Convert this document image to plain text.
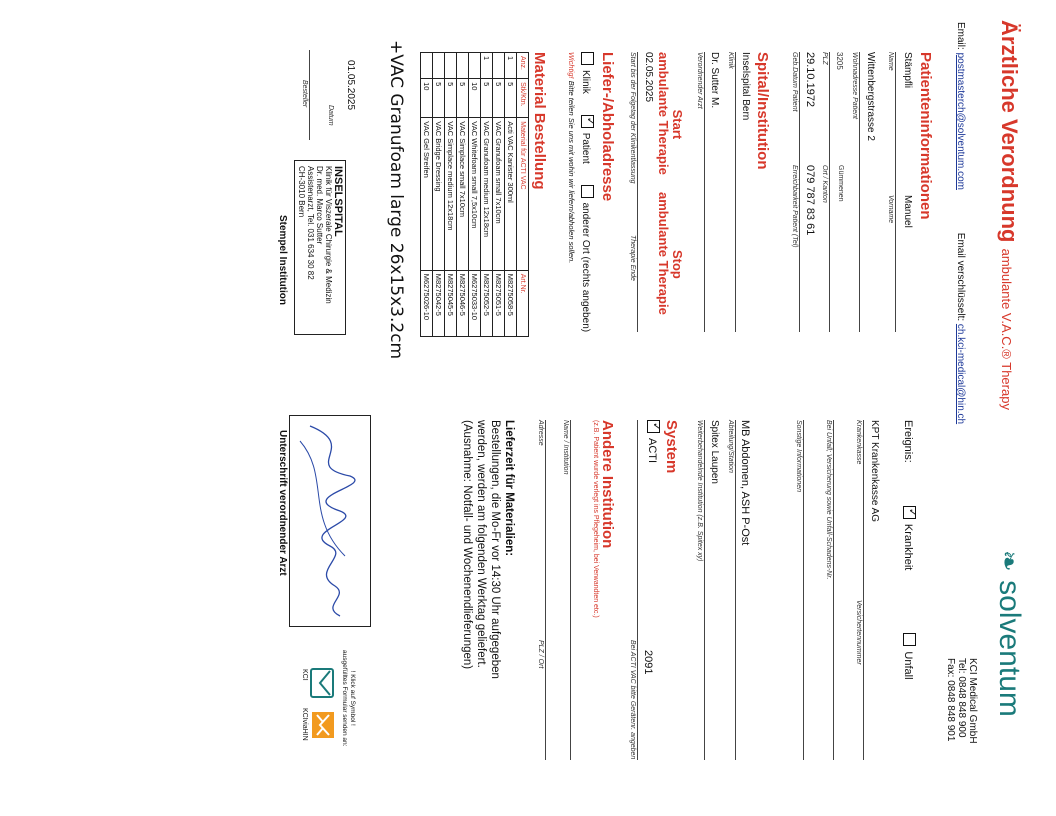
Ärztliche Verordnung ambulante V.A.C.® Therapy
Email: postmasterch@solventum.com Email verschlüsselt: ch.kci-medical@hin.ch
❧ solventum
KCI Medical GmbH
Tel: 0848 848 900
Fax: 0848 848 901
Patienteninformationen
Stämpfli
Name
Manuel
Vorname
Wittenbergstrasse 2
Wohnadresse Patient
3205
Gümmenen
PLZ
Ort / Kanton
29.10.1972
079 787 83 61
Geb.Datum Patient
Erreichbarkeit Patient (Tel)
Ereignis: ✓Krankheit Unfall
KPT Krankenkasse AG
Krankenkasse
Versichertennummer
Bei Unfall; Versicherung sowie Unfall-Schadens-Nr.
Sonstige Informationen
Spital/Institution
Inselspital Bern
Klinik
MB Abdomen, ASH P-Ost
Abteilung/Station
Dr. Sutter M.
Verordnender Arzt
Spitex Laupen
Weiterbehandelnde Institution (z.B. Spitex xy)
Start
ambulante Therapie
Stop
ambulante Therapie
02.05.2025
Start bis der Folgetag der Klinikentlassung
Therapie Ende
System
✓ACTI
2091
Bei ACTI VAC bitte Gerätenr. angeben
Liefer-/Abholadresse
Klinik ✓Patient anderer Ort (rechts angeben)
Wichtig! Bitte teilen Sie uns mit wohin wir liefern/abholen sollen.
Andere Institution
(z.B. Patient wurde verlegt ins Pflegeheim, bei Verwandten etc.)
Name / Institution
Adresse
PLZ / Ort
Material Bestellung
Anz.	Stk/Ktn.	Material für ACTI VAC	Art.Nr.
1	5	Acti VAC Kanister 300ml	M8275058-5
	5	VAC Granufoam small 7x10cm	M8275051-5
1	5	VAC Granufoam medium 12x18cm	M8275052-5
	10	VAC Whitefoam small 7,5x10cm	M6275033-10
	5	VAC Simplace small 7x10cm	M8275046-5
	5	VAC Simplace medium 12x18cm	M8275045-5
	5	VAC Bridge Dressing	M8275042-5
	10	VAC Gel Streifen	M6275026-10
+VAC Granufoam large 26x15x3.2cm
Lieferzeit für Materialien:
Bestellungen, die Mo-Fr vor 14:30 Uhr aufgegeben
werden, werden am folgenden Werktag geliefert.
(Ausnahme: Notfall- und Wochenendlieferungen)
01.05.2025
Datum
Besteller
INSELSPITAL
Klinik für Viszerale Chirurgie & Medizin
Dr. med. Marco Sutter
Assistenarzt, Tel. 031 634 30 82
CH-3010 Bern
Stempel Institution
Unterschrift verordnender Arzt
! Klick auf Symbol !
ausgefülltes Formular senden an:
KCI
KCIviaHIN
